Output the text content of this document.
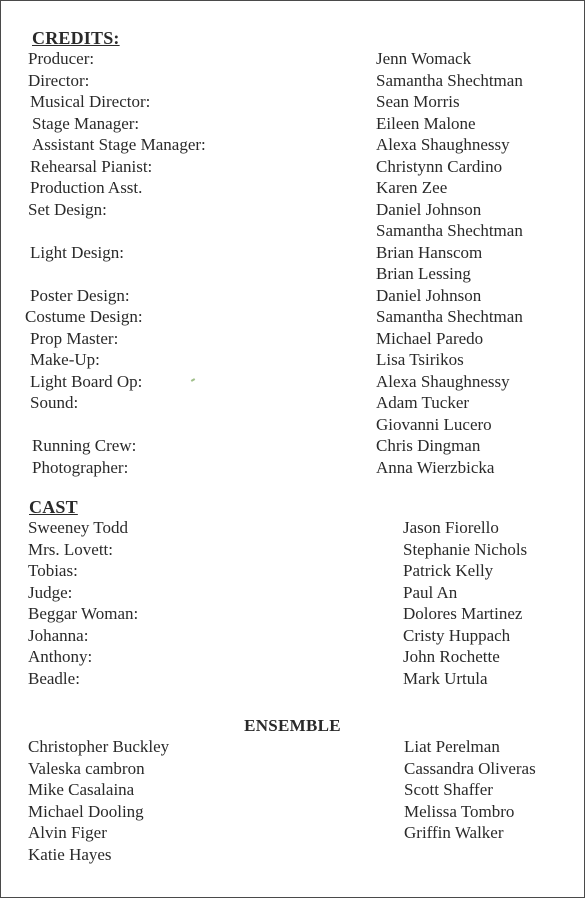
CREDITS:
Producer:
Director:
Musical Director:
Stage Manager:
Assistant Stage Manager:
Rehearsal Pianist:
Production Asst.
Set Design:
Light Design:
Poster Design:
Costume Design:
Prop Master:
Make-Up:
Light Board Op:
Sound:
Running Crew:
Photographer:
Jenn Womack
Samantha Shechtman
Sean Morris
Eileen Malone
Alexa Shaughnessy
Christynn Cardino
Karen Zee
Daniel Johnson
Samantha Shechtman
Brian Hanscom
Brian Lessing
Daniel Johnson
Samantha Shechtman
Michael Paredo
Lisa Tsirikos
Alexa Shaughnessy
Adam Tucker
Giovanni Lucero
Chris Dingman
Anna Wierzbicka
CAST
Sweeney Todd
Mrs. Lovett:
Tobias:
Judge:
Beggar Woman:
Johanna:
Anthony:
Beadle:
Jason Fiorello
Stephanie Nichols
Patrick Kelly
Paul An
Dolores Martinez
Cristy Huppach
John Rochette
Mark Urtula
ENSEMBLE
Christopher Buckley
Valeska cambron
Mike Casalaina
Michael Dooling
Alvin Figer
Katie Hayes
Liat Perelman
Cassandra Oliveras
Scott Shaffer
Melissa Tombro
Griffin Walker
